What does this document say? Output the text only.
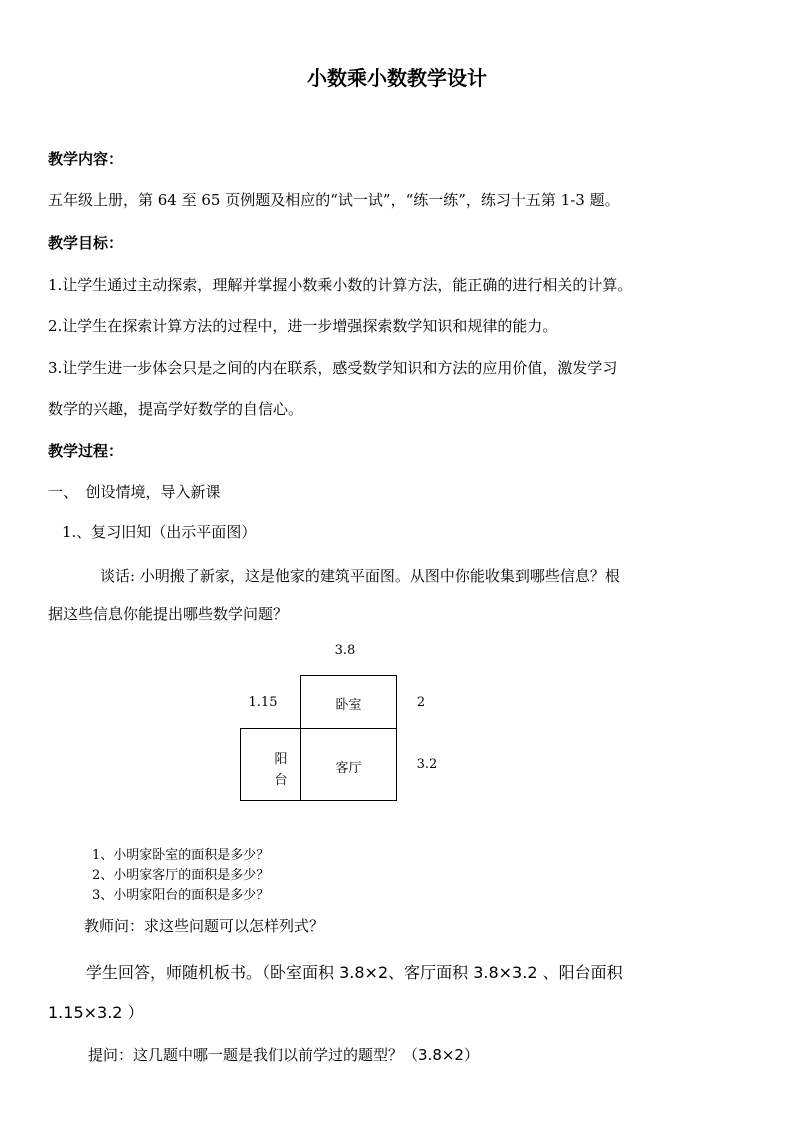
小数乘小数教学设计
教学内容：
五年级上册，第 64 至 65 页例题及相应的“试一试”，“练一练”，练习十五第 1-3 题。
教学目标：
1.让学生通过主动探索，理解并掌握小数乘小数的计算方法，能正确的进行相关的计算。
2.让学生在探索计算方法的过程中，进一步增强探索数学知识和规律的能力。
3.让学生进一步体会只是之间的内在联系，感受数学知识和方法的应用价值，激发学习
数学的兴趣，提高学好数学的自信心。
教学过程：
一、　创设情境，导入新课
1.、复习旧知（出示平面图）
谈话: 小明搬了新家，这是他家的建筑平面图。从图中你能收集到哪些信息？根
据这些信息你能提出哪些数学问题？
3.8
1.15	2
3.2
卧室
客厅
阳
台
1、小明家卧室的面积是多少？
2、小明家客厅的面积是多少？
3、小明家阳台的面积是多少？
教师问：求这些问题可以怎样列式？
学生回答，师随机板书。（卧室面积 3.8×2、客厅面积 3.8×3.2 、阳台面积
1.15×3.2 ）
提问：这几题中哪一题是我们以前学过的题型？（3.8×2）
